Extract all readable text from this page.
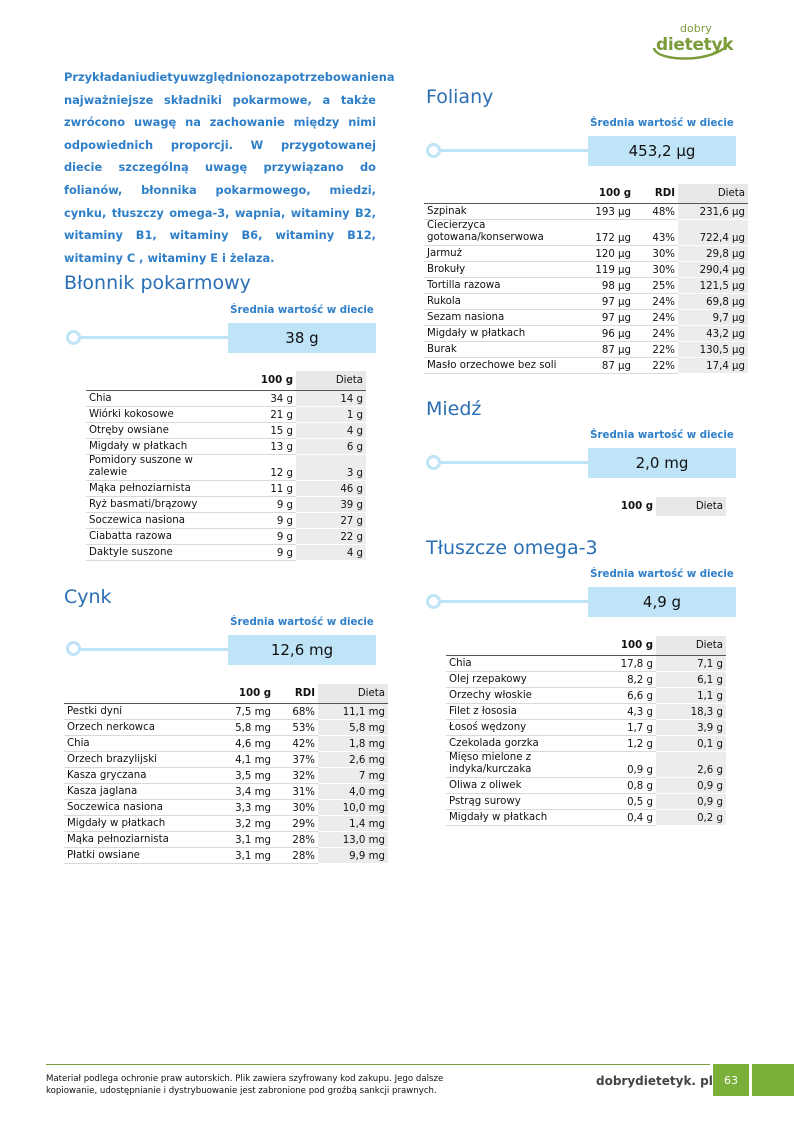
dobry
dietetyk

Przykładaniudietyuwzględnionozapotrzebowaniena najważniejsze składniki pokarmowe, a także zwrócono uwagę na zachowanie między nimi odpowiednich proporcji. W przygotowanej diecie szczególną uwagę przywiązano do folianów, błonnika pokarmowego, miedzi, cynku, tłuszczy omega-3, wapnia, witaminy B2, witaminy B1, witaminy B6, witaminy B12, witaminy C , witaminy E i żelaza.

Błonnik pokarmowy
Średnia wartość w diecie
38 g
	100 g	Dieta
Chia	34 g	14 g
Wiórki kokosowe	21 g	1 g
Otręby owsiane	15 g	4 g
Migdały w płatkach	13 g	6 g
Pomidory suszone w zalewie	12 g	3 g
Mąka pełnoziarnista	11 g	46 g
Ryż basmati/brązowy	9 g	39 g
Soczewica nasiona	9 g	27 g
Ciabatta razowa	9 g	22 g
Daktyle suszone	9 g	4 g
Cynk
Średnia wartość w diecie
12,6 mg
	100 g	RDI	Dieta
Pestki dyni	7,5 mg	68%	11,1 mg
Orzech nerkowca	5,8 mg	53%	5,8 mg
Chia	4,6 mg	42%	1,8 mg
Orzech brazylijski	4,1 mg	37%	2,6 mg
Kasza gryczana	3,5 mg	32%	7 mg
Kasza jaglana	3,4 mg	31%	4,0 mg
Soczewica nasiona	3,3 mg	30%	10,0 mg
Migdały w płatkach	3,2 mg	29%	1,4 mg
Mąka pełnoziarnista	3,1 mg	28%	13,0 mg
Płatki owsiane	3,1 mg	28%	9,9 mg
Foliany
Średnia wartość w diecie
453,2 µg
	100 g	RDI	Dieta
Szpinak	193 µg	48%	231,6 µg
Ciecierzyca gotowana/konserwowa	172 µg	43%	722,4 µg
Jarmuż	120 µg	30%	29,8 µg
Brokuły	119 µg	30%	290,4 µg
Tortilla razowa	98 µg	25%	121,5 µg
Rukola	97 µg	24%	69,8 µg
Sezam nasiona	97 µg	24%	9,7 µg
Migdały w płatkach	96 µg	24%	43,2 µg
Burak	87 µg	22%	130,5 µg
Masło orzechowe bez soli	87 µg	22%	17,4 µg
Miedź
Średnia wartość w diecie
2,0 mg
100 g	Dieta
Tłuszcze omega-3
Średnia wartość w diecie
4,9 g
	100 g	Dieta
Chia	17,8 g	7,1 g
Olej rzepakowy	8,2 g	6,1 g
Orzechy włoskie	6,6 g	1,1 g
Filet z łososia	4,3 g	18,3 g
Łosoś wędzony	1,7 g	3,9 g
Czekolada gorzka	1,2 g	0,1 g
Mięso mielone z indyka/kurczaka	0,9 g	2,6 g
Oliwa z oliwek	0,8 g	0,9 g
Pstrąg surowy	0,5 g	0,9 g
Migdały w płatkach	0,4 g	0,2 g
Materiał podlega ochronie praw autorskich. Plik zawiera szyfrowany kod zakupu. Jego dalsze kopiowanie, udostępnianie i dystrybuowanie jest zabronione pod groźbą sankcji prawnych.
dobrydietetyk. pl	63
